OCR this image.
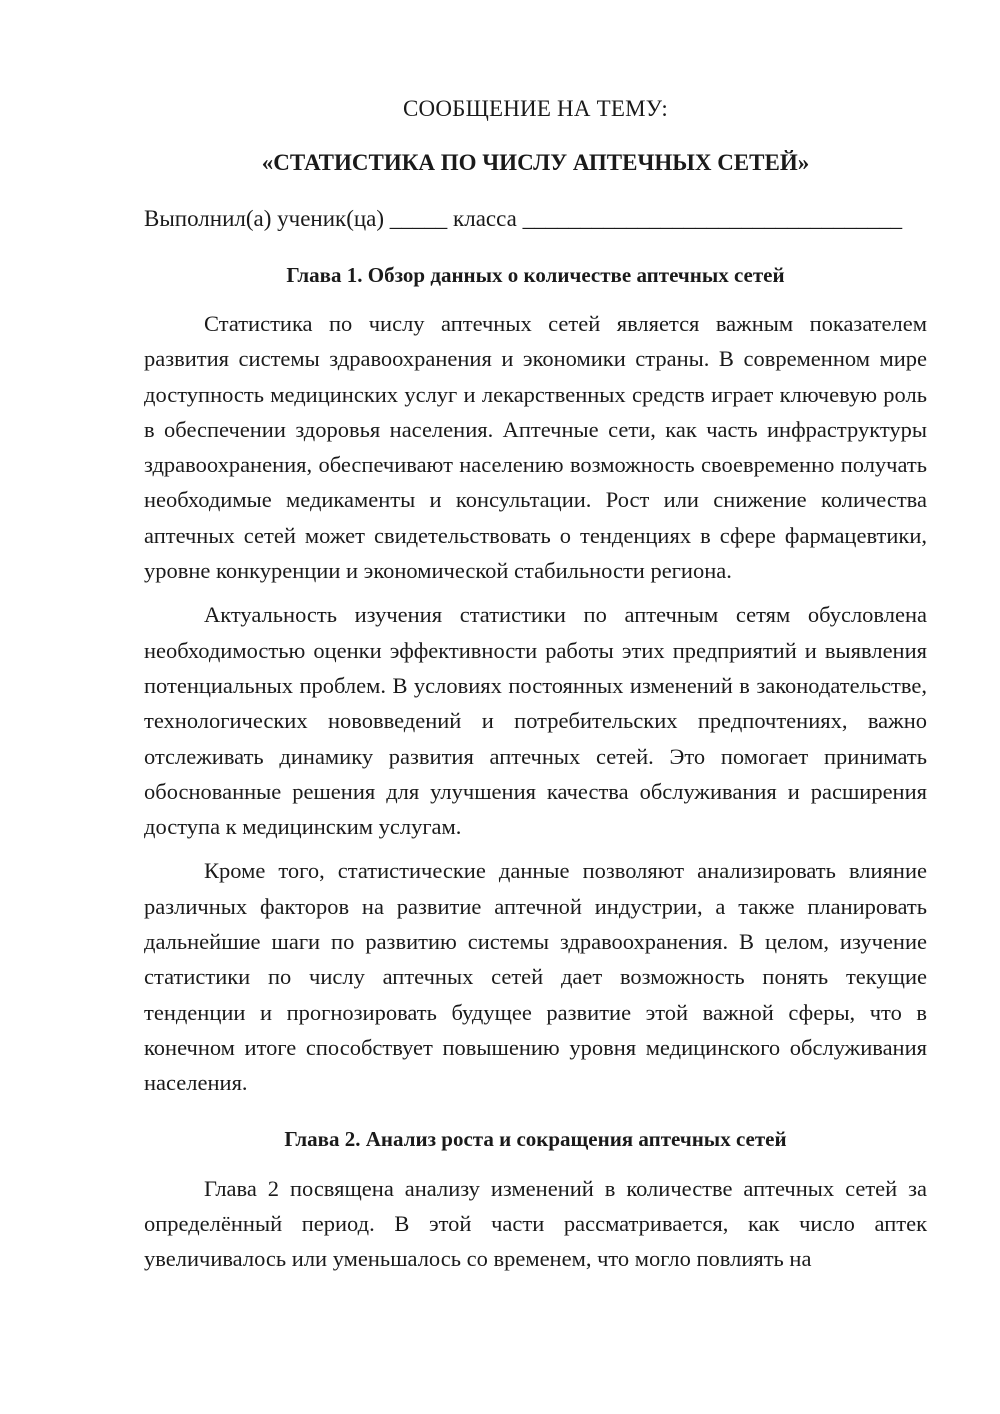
СООБЩЕНИЕ НА ТЕМУ:

«СТАТИСТИКА ПО ЧИСЛУ АПТЕЧНЫХ СЕТЕЙ»

Выполнил(а) ученик(ца) _____ класса _________________________________

Глава 1. Обзор данных о количестве аптечных сетей

Статистика по числу аптечных сетей является важным показателем развития системы здравоохранения и экономики страны. В современном мире доступность медицинских услуг и лекарственных средств играет ключевую роль в обеспечении здоровья населения. Аптечные сети, как часть инфраструктуры здравоохранения, обеспечивают населению возможность своевременно получать необходимые медикаменты и консультации. Рост или снижение количества аптечных сетей может свидетельствовать о тенденциях в сфере фармацевтики, уровне конкуренции и экономической стабильности региона.

Актуальность изучения статистики по аптечным сетям обусловлена необходимостью оценки эффективности работы этих предприятий и выявления потенциальных проблем. В условиях постоянных изменений в законодательстве, технологических нововведений и потребительских предпочтениях, важно отслеживать динамику развития аптечных сетей. Это помогает принимать обоснованные решения для улучшения качества обслуживания и расширения доступа к медицинским услугам.

Кроме того, статистические данные позволяют анализировать влияние различных факторов на развитие аптечной индустрии, а также планировать дальнейшие шаги по развитию системы здравоохранения. В целом, изучение статистики по числу аптечных сетей дает возможность понять текущие тенденции и прогнозировать будущее развитие этой важной сферы, что в конечном итоге способствует повышению уровня медицинского обслуживания населения.

Глава 2. Анализ роста и сокращения аптечных сетей

Глава 2 посвящена анализу изменений в количестве аптечных сетей за определённый период. В этой части рассматривается, как число аптек увеличивалось или уменьшалось со временем, что могло повлиять на
